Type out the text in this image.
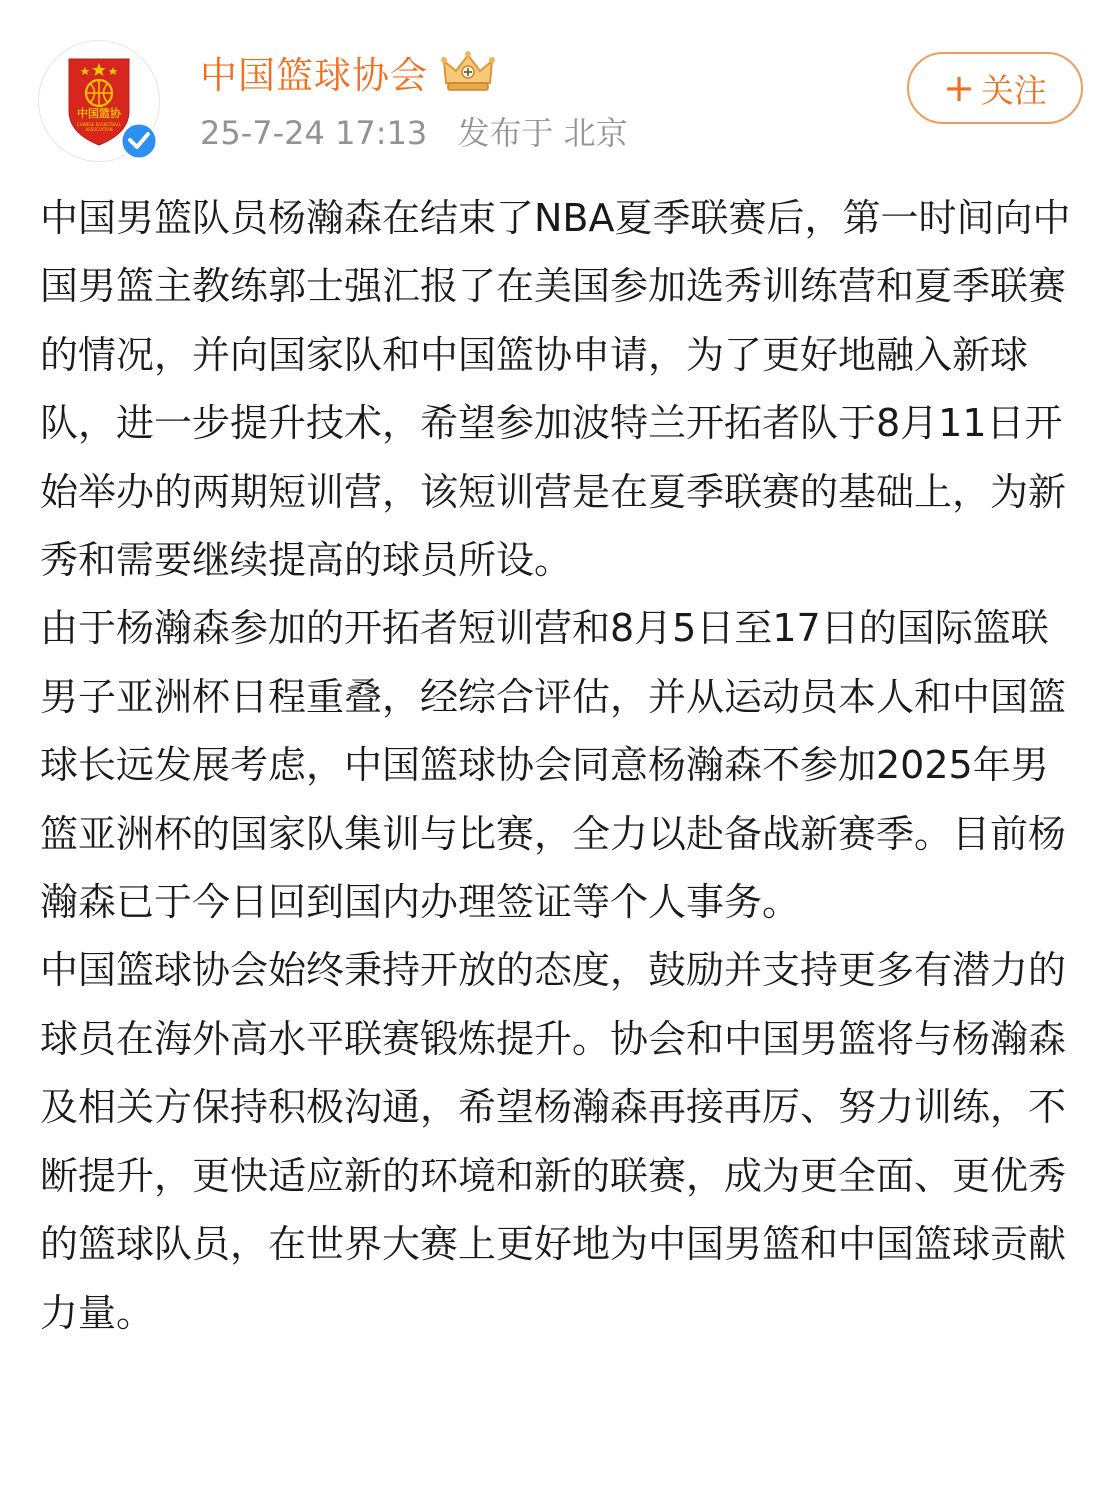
中国篮协
CHINESE BASKETBALL
ASSOCIATION
中国篮球协会
25-7-24 17:13 发布于 北京
+ 关注

中国男篮队员杨瀚森在结束了NBA夏季联赛后，第一时间向中国男篮主教练郭士强汇报了在美国参加选秀训练营和夏季联赛的情况，并向国家队和中国篮协申请，为了更好地融入新球队，进一步提升技术，希望参加波特兰开拓者队于8月11日开始举办的两期短训营，该短训营是在夏季联赛的基础上，为新秀和需要继续提高的球员所设。

由于杨瀚森参加的开拓者短训营和8月5日至17日的国际篮联男子亚洲杯日程重叠，经综合评估，并从运动员本人和中国篮球长远发展考虑，中国篮球协会同意杨瀚森不参加2025年男篮亚洲杯的国家队集训与比赛，全力以赴备战新赛季。目前杨瀚森已于今日回到国内办理签证等个人事务。

中国篮球协会始终秉持开放的态度，鼓励并支持更多有潜力的球员在海外高水平联赛锻炼提升。协会和中国男篮将与杨瀚森及相关方保持积极沟通，希望杨瀚森再接再厉、努力训练，不断提升，更快适应新的环境和新的联赛，成为更全面、更优秀的篮球队员，在世界大赛上更好地为中国男篮和中国篮球贡献力量。
